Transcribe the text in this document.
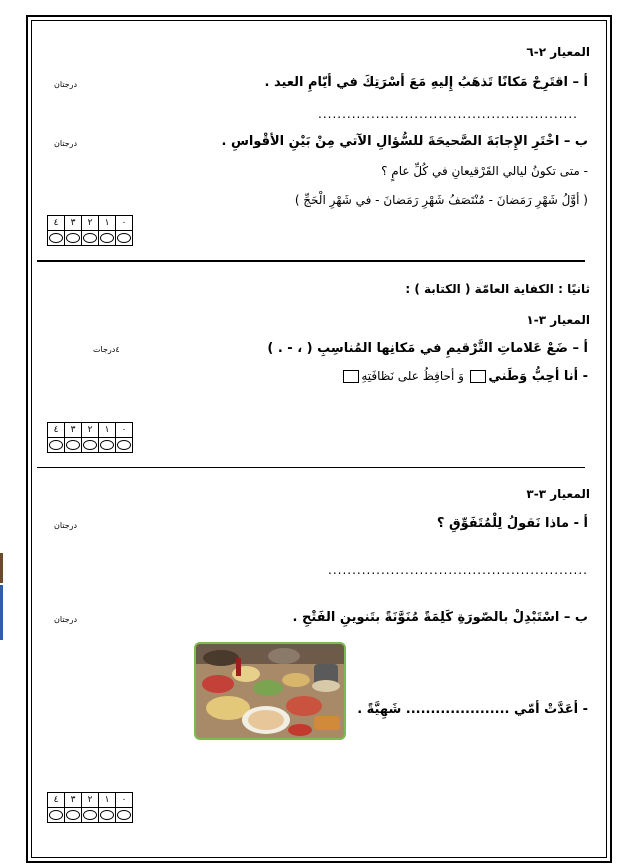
المعيار ٢-٦
أ – اقتَرِحْ مَكانًا تَذهَبُ إِليهِ مَعَ أسْرَتِكَ في أيّامِ العيد .
درجتان
......................................................
ب – اخْتَرِ الإِجابَةَ الصَّحيحَةَ للسُّؤالِ الآتي مِنْ بَيْنِ الأقْواسِ .
درجتان
- متى تكونُ ليالي القَرْقيعانِ في كُلِّ عامٍ ؟
( أوَّلُ شَهْرِ رَمَضانَ - مُنْتَصَفُ شَهْرِ رَمَضانَ - في شَهْرِ الْحَجِّ )
٤	٣	٢	١	٠

ثانيًا : الكفاية العامّة ( الكتابة ) :
المعيار ٣-١
أ – ضَعْ عَلاماتِ التَّرْقيمِ في مَكانِها المُناسِبِ ( ، - . )
٤درجات
- أنا أحِبُّ وَطَني وَ أحافِظُ على نَظافَتِهِ
٤	٣	٢	١	٠

المعيار ٣-٣
أ - ماذا نَقولُ لِلْمُتَفَوِّقِ ؟
درجتان
......................................................
ب – اسْتَبْدِلْ بالصّورَةِ كَلِمَةً مُنَوَّنَةً بتَنوينِ الفَتْحِ .
درجتان
- أعَدَّتْ أمّي ..................... شَهِيَّةً .
٤	٣	٢	١	٠
